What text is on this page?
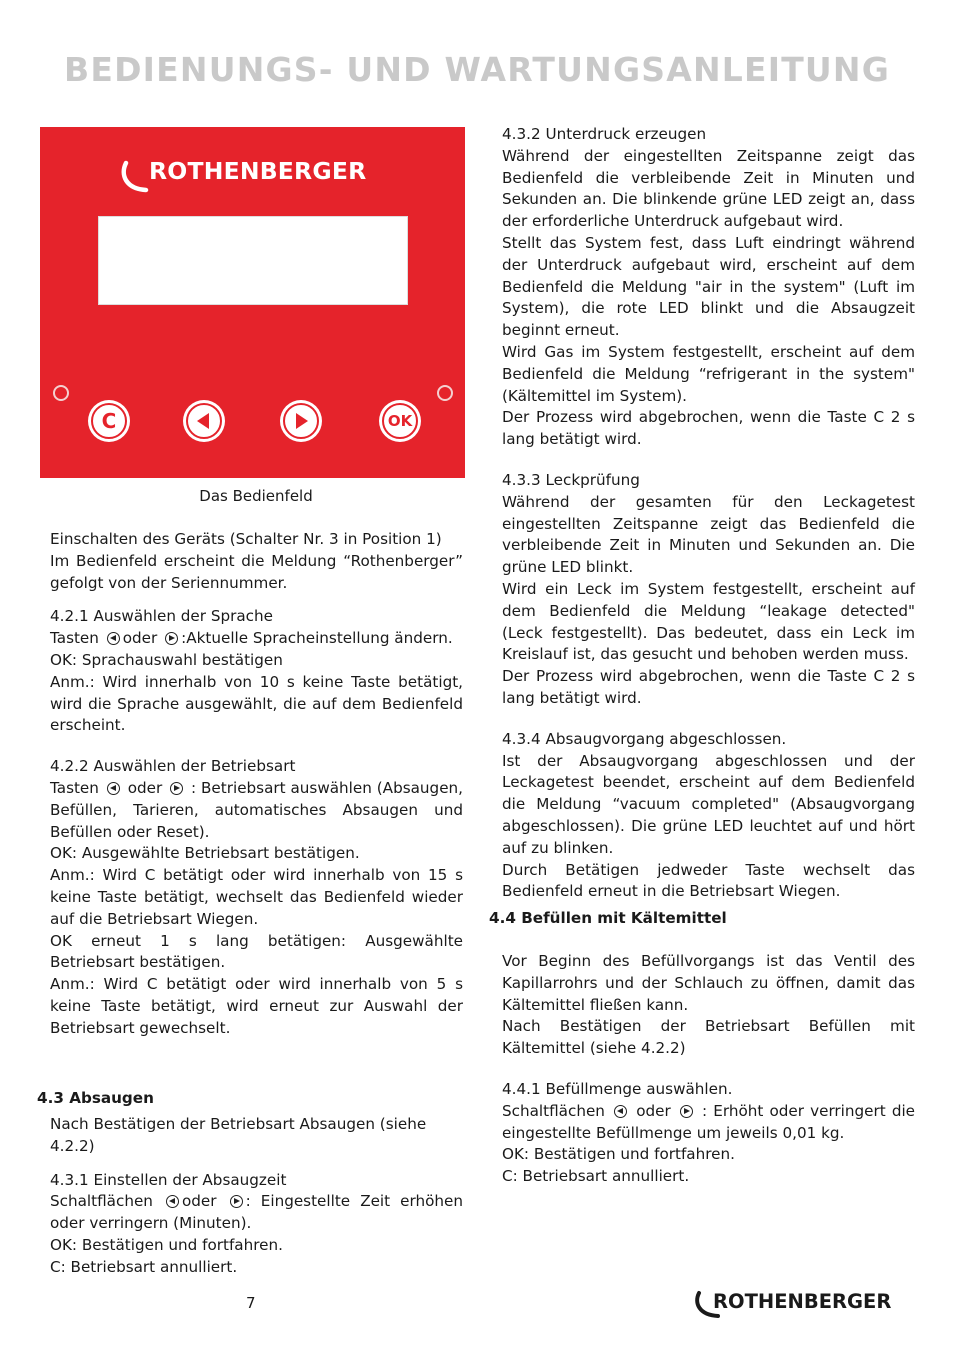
BEDIENUNGS- UND WARTUNGSANLEITUNG
ROTHENBERGER
C	OK
Das Bedienfeld

Einschalten des Geräts (Schalter Nr. 3 in Position 1)

Im Bedienfeld erscheint die Meldung “Rothenberger” gefolgt von der Seriennummer.

4.2.1 Auswählen der Sprache

Tasten oder :Aktuelle Spracheinstellung ändern.

OK: Sprachauswahl bestätigen

Anm.: Wird innerhalb von 10 s keine Taste betätigt, wird die Sprache ausgewählt, die auf dem Bedienfeld erscheint.

4.2.2 Auswählen der Betriebsart

Tasten oder : Betriebsart auswählen (Absaugen, Befüllen, Tarieren, automatisches Absaugen und Befüllen oder Reset).

OK: Ausgewählte Betriebsart bestätigen.

Anm.: Wird C betätigt oder wird innerhalb von 15 s keine Taste betätigt, wechselt das Bedienfeld wieder auf die Betriebsart Wiegen.

OK erneut 1 s lang betätigen: Ausgewählte Betriebsart bestätigen.

Anm.: Wird C betätigt oder wird innerhalb von 5 s keine Taste betätigt, wird erneut zur Auswahl der Betriebsart gewechselt.

4.3 Absaugen

Nach Bestätigen der Betriebsart Absaugen (siehe 4.2.2)

4.3.1 Einstellen der Absaugzeit

Schaltflächen oder : Eingestellte Zeit erhöhen oder verringern (Minuten).

OK: Bestätigen und fortfahren.

C: Betriebsart annulliert.

4.3.2 Unterdruck erzeugen

Während der eingestellten Zeitspanne zeigt das Bedienfeld die verbleibende Zeit in Minuten und Sekunden an. Die blinkende grüne LED zeigt an, dass der erforderliche Unterdruck aufgebaut wird.

Stellt das System fest, dass Luft eindringt während der Unterdruck aufgebaut wird, erscheint auf dem Bedienfeld die Meldung "air in the system" (Luft im System), die rote LED blinkt und die Absaugzeit beginnt erneut.

Wird Gas im System festgestellt, erscheint auf dem Bedienfeld die Meldung “refrigerant in the system" (Kältemittel im System).

Der Prozess wird abgebrochen, wenn die Taste C 2 s lang betätigt wird.

4.3.3 Leckprüfung

Während der gesamten für den Leckagetest eingestellten Zeitspanne zeigt das Bedienfeld die verbleibende Zeit in Minuten und Sekunden an. Die grüne LED blinkt.

Wird ein Leck im System festgestellt, erscheint auf dem Bedienfeld die Meldung “leakage detected" (Leck festgestellt). Das bedeutet, dass ein Leck im Kreislauf ist, das gesucht und behoben werden muss.

Der Prozess wird abgebrochen, wenn die Taste C 2 s lang betätigt wird.

4.3.4 Absaugvorgang abgeschlossen.

Ist der Absaugvorgang abgeschlossen und der Leckagetest beendet, erscheint auf dem Bedienfeld die Meldung “vacuum completed" (Absaugvorgang abgeschlossen). Die grüne LED leuchtet auf und hört auf zu blinken.

Durch Betätigen jedweder Taste wechselt das Bedienfeld erneut in die Betriebsart Wiegen.

4.4 Befüllen mit Kältemittel

Vor Beginn des Befüllvorgangs ist das Ventil des Kapillarrohrs und der Schlauch zu öffnen, damit das Kältemittel fließen kann.

Nach Bestätigen der Betriebsart Befüllen mit Kältemittel (siehe 4.2.2)

4.4.1 Befüllmenge auswählen.

Schaltflächen oder : Erhöht oder verringert die eingestellte Befüllmenge um jeweils 0,01 kg.

OK: Bestätigen und fortfahren.

C: Betriebsart annulliert.

7	ROTHENBERGER
